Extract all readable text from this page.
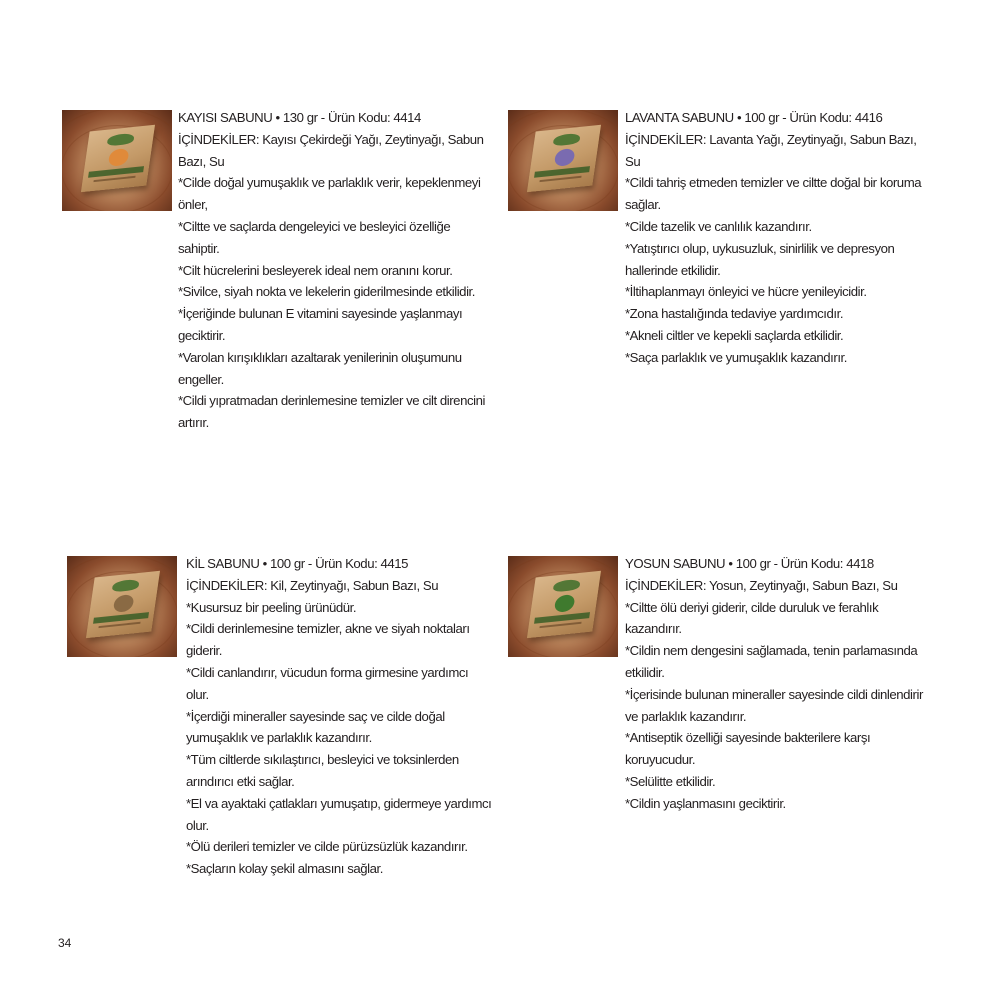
KAYISI SABUNU • 130 gr - Ürün Kodu: 4414

İÇİNDEKİLER: Kayısı Çekirdeği Yağı, Zeytinyağı, Sabun Bazı, Su

*Cilde doğal yumuşaklık ve parlaklık verir, kepeklenmeyi önler,

*Ciltte ve saçlarda dengeleyici ve besleyici özelliğe sahiptir.

*Cilt hücrelerini besleyerek ideal nem oranını korur.

*Sivilce, siyah nokta ve lekelerin giderilmesinde etkilidir.

*İçeriğinde bulunan E vitamini sayesinde yaşlanmayı geciktirir.

*Varolan kırışıklıkları azaltarak yenilerinin oluşumunu engeller.

*Cildi yıpratmadan derinlemesine temizler ve cilt direncini artırır.

LAVANTA SABUNU • 100 gr - Ürün Kodu: 4416

İÇİNDEKİLER: Lavanta Yağı, Zeytinyağı, Sabun Bazı, Su

*Cildi tahriş etmeden temizler ve ciltte doğal bir koruma sağlar.

*Cilde tazelik ve canlılık kazandırır.

*Yatıştırıcı olup, uykusuzluk, sinirlilik ve depresyon hallerinde etkilidir.

*İltihaplanmayı önleyici ve hücre yenileyicidir.

*Zona hastalığında tedaviye yardımcıdır.

*Akneli ciltler ve kepekli saçlarda etkilidir.

*Saça parlaklık ve yumuşaklık kazandırır.

KİL SABUNU • 100 gr - Ürün Kodu: 4415

İÇİNDEKİLER: Kil, Zeytinyağı, Sabun Bazı, Su

*Kusursuz bir peeling ürünüdür.

*Cildi derinlemesine temizler, akne ve siyah noktaları giderir.

*Cildi canlandırır, vücudun forma girmesine yardımcı olur.

*İçerdiği mineraller sayesinde saç ve cilde doğal yumuşaklık ve parlaklık kazandırır.

*Tüm ciltlerde sıkılaştırıcı, besleyici ve toksinlerden arındırıcı etki sağlar.

*El va ayaktaki çatlakları yumuşatıp, gidermeye yardımcı olur.

*Ölü derileri temizler ve cilde pürüzsüzlük kazandırır.

*Saçların kolay şekil almasını sağlar.

YOSUN SABUNU • 100 gr - Ürün Kodu: 4418

İÇİNDEKİLER: Yosun, Zeytinyağı, Sabun Bazı, Su

*Ciltte ölü deriyi giderir, cilde duruluk ve ferahlık kazandırır.

*Cildin nem dengesini sağlamada, tenin parlamasında etkilidir.

*İçerisinde bulunan mineraller sayesinde cildi dinlendirir ve parlaklık kazandırır.

*Antiseptik özelliği sayesinde bakterilere karşı koruyucudur.

*Selülitte etkilidir.

*Cildin yaşlanmasını geciktirir.

34
